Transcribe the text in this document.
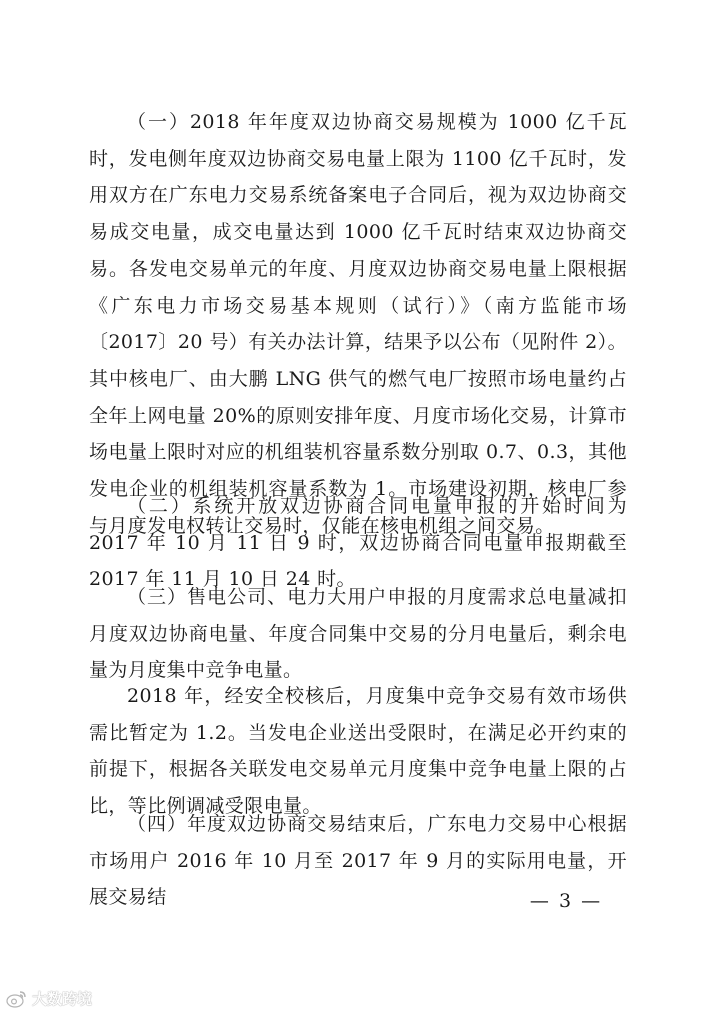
（一）2018 年年度双边协商交易规模为 1000 亿千瓦时，发电侧年度双边协商交易电量上限为 1100 亿千瓦时，发用双方在广东电力交易系统备案电子合同后，视为双边协商交易成交电量，成交电量达到 1000 亿千瓦时结束双边协商交易。各发电交易单元的年度、月度双边协商交易电量上限根据《广东电力市场交易基本规则（试行）》（南方监能市场〔2017〕20 号）有关办法计算，结果予以公布（见附件 2）。其中核电厂、由大鹏 LNG 供气的燃气电厂按照市场电量约占全年上网电量 20%的原则安排年度、月度市场化交易，计算市场电量上限时对应的机组装机容量系数分别取 0.7、0.3，其他发电企业的机组装机容量系数为 1。市场建设初期，核电厂参与月度发电权转让交易时，仅能在核电机组之间交易。

（二）系统开放双边协商合同电量申报的开始时间为 2017 年 10 月 11 日 9 时，双边协商合同电量申报期截至 2017 年 11 月 10 日 24 时。

（三）售电公司、电力大用户申报的月度需求总电量减扣月度双边协商电量、年度合同集中交易的分月电量后，剩余电量为月度集中竞争电量。

2018 年，经安全校核后，月度集中竞争交易有效市场供需比暂定为 1.2。当发电企业送出受限时，在满足必开约束的前提下，根据各关联发电交易单元月度集中竞争电量上限的占比，等比例调减受限电量。

（四）年度双边协商交易结束后，广东电力交易中心根据市场用户 2016 年 10 月至 2017 年 9 月的实际用电量，开展交易结	— 3 —
大数跨境
